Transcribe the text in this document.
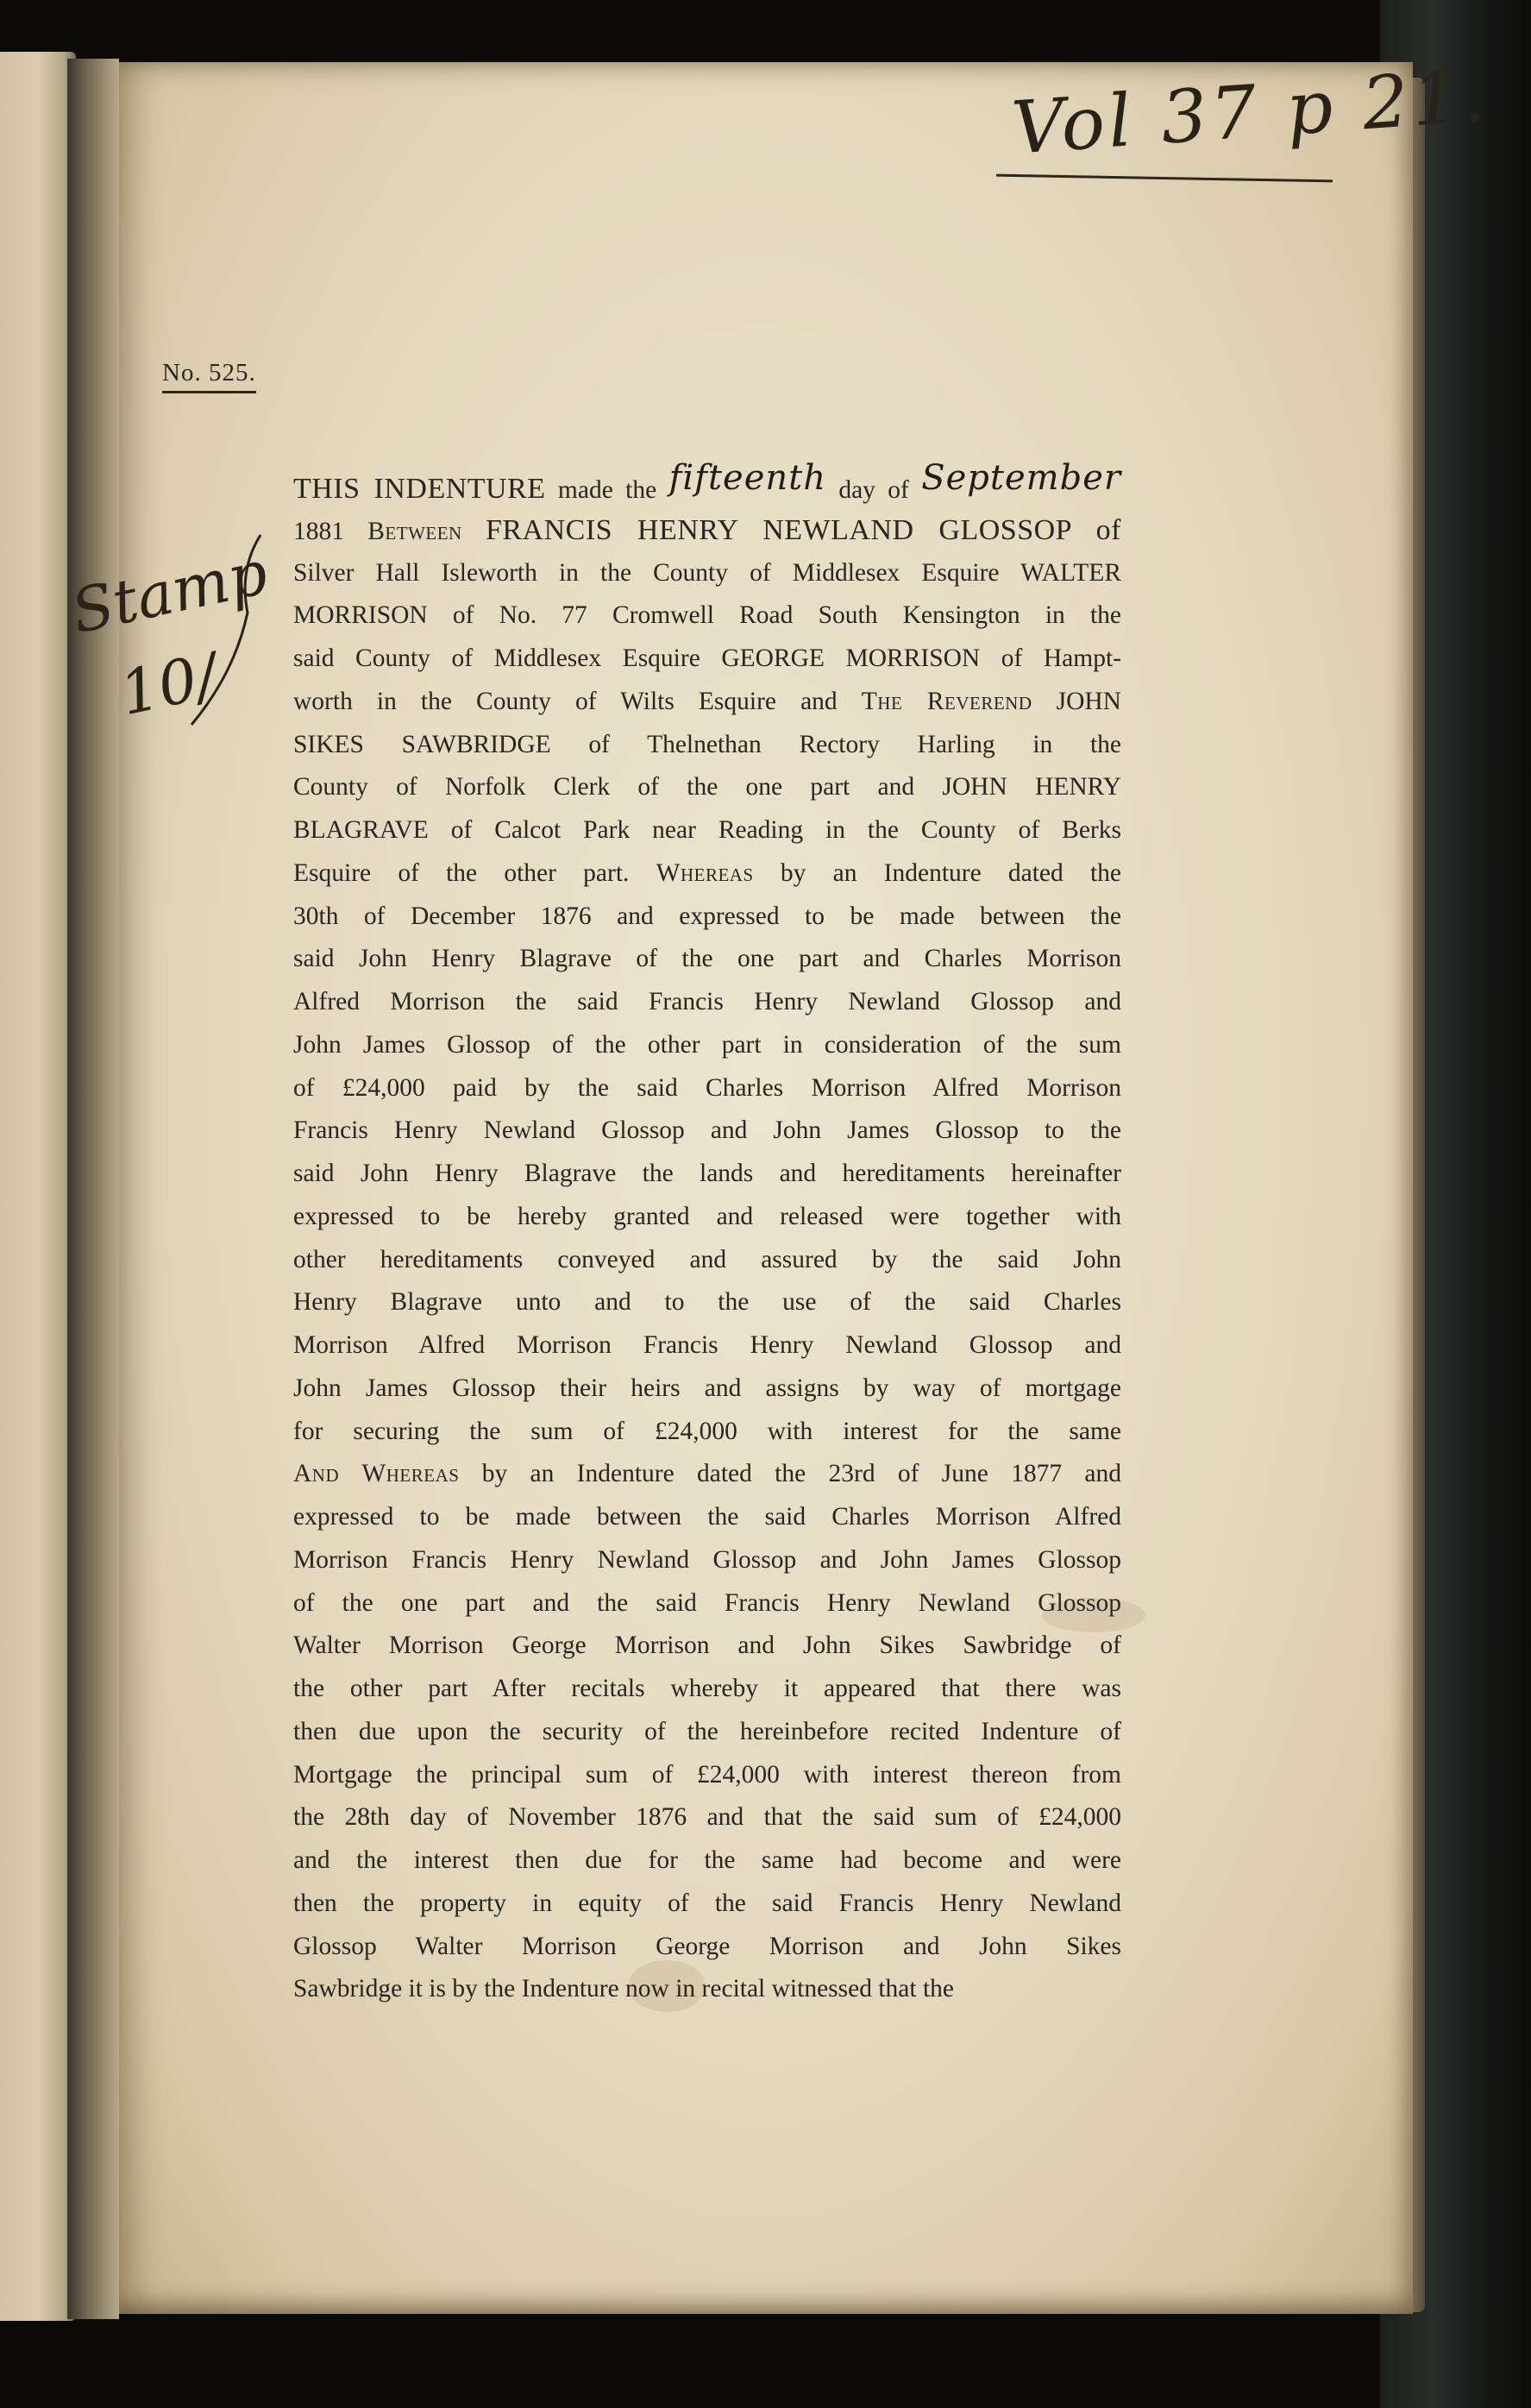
Vol 37 p 21.
No. 525.
Stamp
10/
THIS INDENTURE made the fifteenth day of September
1881 Between FRANCIS HENRY NEWLAND GLOSSOP of
Silver Hall Isleworth in the County of Middlesex Esquire WALTER
MORRISON of No. 77 Cromwell Road South Kensington in the
said County of Middlesex Esquire GEORGE MORRISON of Hampt-
worth in the County of Wilts Esquire and The Reverend JOHN
SIKES SAWBRIDGE of Thelnethan Rectory Harling in the
County of Norfolk Clerk of the one part and JOHN HENRY
BLAGRAVE of Calcot Park near Reading in the County of Berks
Esquire of the other part. Whereas by an Indenture dated the
30th of December 1876 and expressed to be made between the
said John Henry Blagrave of the one part and Charles Morrison
Alfred Morrison the said Francis Henry Newland Glossop and
John James Glossop of the other part in consideration of the sum
of £24,000 paid by the said Charles Morrison Alfred Morrison
Francis Henry Newland Glossop and John James Glossop to the
said John Henry Blagrave the lands and hereditaments hereinafter
expressed to be hereby granted and released were together with
other hereditaments conveyed and assured by the said John
Henry Blagrave unto and to the use of the said Charles
Morrison Alfred Morrison Francis Henry Newland Glossop and
John James Glossop their heirs and assigns by way of mortgage
for securing the sum of £24,000 with interest for the same
And Whereas by an Indenture dated the 23rd of June 1877 and
expressed to be made between the said Charles Morrison Alfred
Morrison Francis Henry Newland Glossop and John James Glossop
of the one part and the said Francis Henry Newland Glossop
Walter Morrison George Morrison and John Sikes Sawbridge of
the other part After recitals whereby it appeared that there was
then due upon the security of the hereinbefore recited Indenture of
Mortgage the principal sum of £24,000 with interest thereon from
the 28th day of November 1876 and that the said sum of £24,000
and the interest then due for the same had become and were
then the property in equity of the said Francis Henry Newland
Glossop Walter Morrison George Morrison and John Sikes
Sawbridge it is by the Indenture now in recital witnessed that the
